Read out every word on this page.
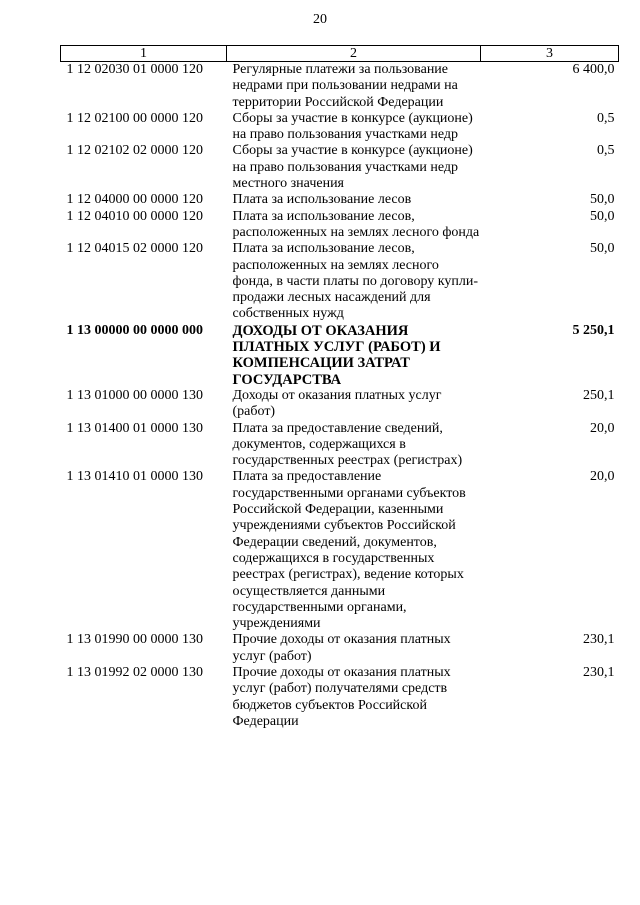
20
1	2	3
1 12 02030 01 0000 120	Регулярные платежи за пользование недрами при пользовании недрами на территории Российской Федерации	6 400,0
1 12 02100 00 0000 120	Сборы за участие в конкурсе (аукционе) на право пользования участками недр	0,5
1 12 02102 02 0000 120	Сборы за участие в конкурсе (аукционе) на право пользования участками недр местного значения	0,5
1 12 04000 00 0000 120	Плата за использование лесов	50,0
1 12 04010 00 0000 120	Плата за использование лесов, расположенных на землях лесного фонда	50,0
1 12 04015 02 0000 120	Плата за использование лесов, расположенных на землях лесного фонда, в части платы по договору купли-продажи лесных насаждений для собственных нужд	50,0
1 13 00000 00 0000 000	ДОХОДЫ ОТ ОКАЗАНИЯ ПЛАТНЫХ УСЛУГ (РАБОТ) И КОМПЕНСАЦИИ ЗАТРАТ ГОСУДАРСТВА	5 250,1
1 13 01000 00 0000 130	Доходы от оказания платных услуг (работ)	250,1
1 13 01400 01 0000 130	Плата за предоставление сведений, документов, содержащихся в государственных реестрах (регистрах)	20,0
1 13 01410 01 0000 130	Плата за предоставление государственными органами субъектов Российской Федерации, казенными учреждениями субъектов Российской Федерации сведений, документов, содержащихся в государственных реестрах (регистрах), ведение которых осуществляется данными государственными органами, учреждениями	20,0
1 13 01990 00 0000 130	Прочие доходы от оказания платных услуг (работ)	230,1
1 13 01992 02 0000 130	Прочие доходы от оказания платных услуг (работ) получателями средств бюджетов субъектов Российской Федерации	230,1
